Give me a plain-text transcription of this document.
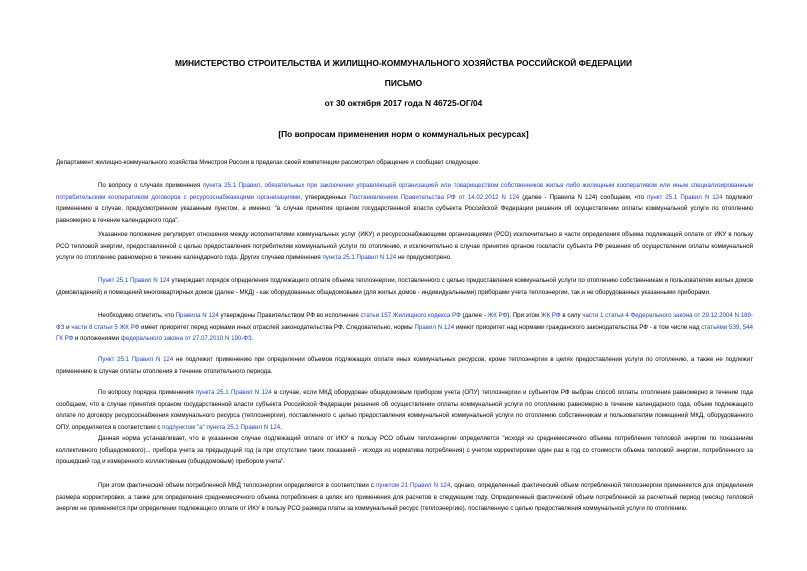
МИНИСТЕРСТВО СТРОИТЕЛЬСТВА И ЖИЛИЩНО-КОММУНАЛЬНОГО ХОЗЯЙСТВА РОССИЙСКОЙ ФЕДЕРАЦИИ
ПИСЬМО
от 30 октября 2017 года N 46725-ОГ/04
[По вопросам применения норм о коммунальных ресурсах]
Департамент жилищно-коммунального хозяйства Минстроя России в пределах своей компетенции рассмотрел обращение и сообщает следующее.
По вопросу о случаях применения пункта 25.1 Правил, обязательных при заключении управляющей организацией или товариществом собственников жилья либо жилищным кооперативом или иным специализированным потребительским кооперативом договоров с ресурсоснабжающими организациями, утвержденных Постановлением Правительства РФ от 14.02.2012 N 124 (далее - Правила N 124) сообщаем, что пункт 25.1 Правил N 124 подлежит применению в случае, предусмотренном указанным пунктом, а именно: "в случае принятия органом государственной власти субъекта Российской Федерации решения об осуществлении оплаты коммунальной услуги по отоплению равномерно в течение календарного года".
Указанное положение регулирует отношения между исполнителями коммунальных услуг (ИКУ) и ресурсоснабжающими организациями (РСО) исключительно в части определения объема подлежащей оплате от ИКУ в пользу РСО тепловой энергии, предоставленной с целью предоставления потребителям коммунальной услуги по отоплению, и исключительно в случае принятия органом госвласти субъекта РФ решения об осуществлении оплаты коммунальной услуги по отоплению равномерно в течение календарного года. Других случаев применения пункта 25.1 Правил N 124 не предусмотрено.
Пункт 25.1 Правил N 124 утверждает порядок определения подлежащего оплате объема теплоэнергии, поставленного с целью предоставления коммунальной услуги по отоплению собственникам и пользователям жилых домов (домовладений) и помещений многоквартирных домов (далее - МКД) - как оборудованных общедомовыми (для жилых домов - индивидуальными) приборами учета теплоэнергии, так и не оборудованных указанными приборами.
Необходимо отметить, что Правила N 124 утверждены Правительством РФ во исполнение статьи 157 Жилищного кодекса РФ (далее - ЖК РФ). При этом ЖК РФ в силу части 1 статьи 4 Федерального закона от 29.12.2004 N 189-ФЗ и части 8 статьи 5 ЖК РФ имеет приоритет перед нормами иных отраслей законодательства РФ. Следовательно, нормы Правил N 124 имеют приоритет над нормами гражданского законодательства РФ - в том числе над статьями 539, 544 ГК РФ и положениями федерального закона от 27.07.2010 N 190-ФЗ.
Пункт 25.1 Правил N 124 не подлежит применению при определении объемов подлежащих оплате иных коммунальных ресурсов, кроме теплоэнергии в целях предоставления услуги по отоплению, а также не подлежит применению в случае оплаты отопления в течение отопительного периода.
По вопросу порядка применения пункта 25.1 Правил N 124 в случае, если МКД оборудован общедомовым прибором учета (ОПУ) теплоэнергии и субъектом РФ выбран способ оплаты отопления равномерно в течение года сообщаем, что в случае принятия органом государственной власти субъекта Российской Федерации решения об осуществлении оплаты коммунальной услуги по отоплению равномерно в течение календарного года, объем подлежащего оплате по договору ресурсоснабжения коммунального ресурса (теплоэнергии), поставленного с целью предоставления коммунальной коммунальной услуги по отоплению собственникам и пользователям помещений МКД, оборудованного ОПУ, определяется в соответствии с подпунктом "а" пункта 25.1 Правил N 124.
Данная норма устанавливает, что в указанном случае подлежащий оплате от ИКУ в пользу РСО объем теплоэнергии определяется "исходя из среднемесячного объема потребления тепловой энергии по показаниям коллективного (общедомового)... прибора учета за предыдущий год (а при отсутствии таких показаний - исходя из норматива потребления) с учетом корректировки один раз в год со стоимости объема тепловой энергии, потребленного за прошедший год и измеренного коллективным (общедомовым) прибором учета".
При этом фактический объем потребленной МКД теплоэнергии определяется в соответствии с пунктом 21 Правил N 124, однако, определенный фактический объем потребленной теплоэнергии применяется для определения размера корректировки, а также для определения среднемесячного объема потребления в целях его применения для расчетов в следующем году. Определенный фактический объем потребленной за расчетный период (месяц) тепловой энергии не применяется при определении подлежащего оплате от ИКУ в пользу РСО размера платы за коммунальный ресурс (теплоэнергию), поставленную с целью предоставления коммунальной услуги по отоплению.
